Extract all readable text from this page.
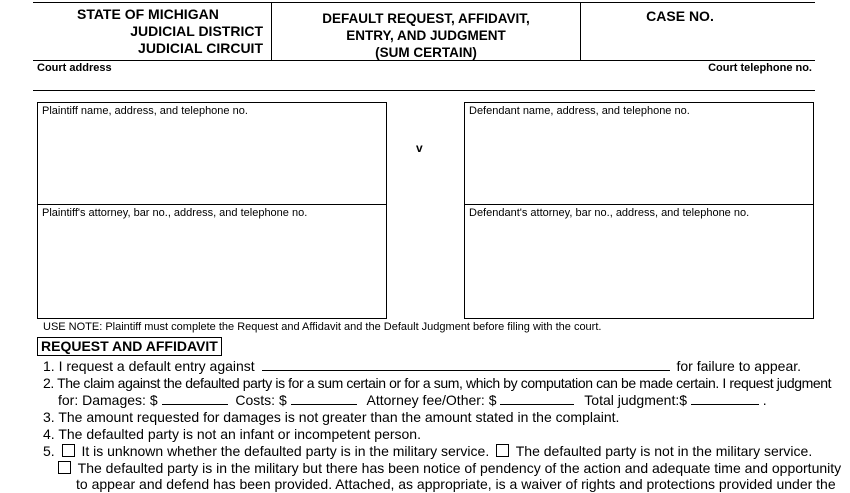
STATE OF MICHIGAN
JUDICIAL DISTRICT
JUDICIAL CIRCUIT
DEFAULT REQUEST, AFFIDAVIT,
ENTRY, AND JUDGMENT
(SUM CERTAIN)
CASE NO.
Court address	Court telephone no.
Plaintiff name, address, and telephone no.
Plaintiff's attorney, bar no., address, and telephone no.
v
Defendant name, address, and telephone no.
Defendant's attorney, bar no., address, and telephone no.
USE NOTE: Plaintiff must complete the Request and Affidavit and the Default Judgment before filing with the court.
REQUEST AND AFFIDAVIT
1. I request a default entry against	for failure to appear.
2. The claim against the defaulted party is for a sum certain or for a sum, which by computation can be made certain. I request judgment
for: Damages: $	Costs: $	Attorney fee/Other: $	Total judgment:$	.
3. The amount requested for damages is not greater than the amount stated in the complaint.
4. The defaulted party is not an infant or incompetent person.
5. It is unknown whether the defaulted party is in the military service. The defaulted party is not in the military service.
The defaulted party is in the military but there has been notice of pendency of the action and adequate time and opportunity
to appear and defend has been provided. Attached, as appropriate, is a waiver of rights and protections provided under the
